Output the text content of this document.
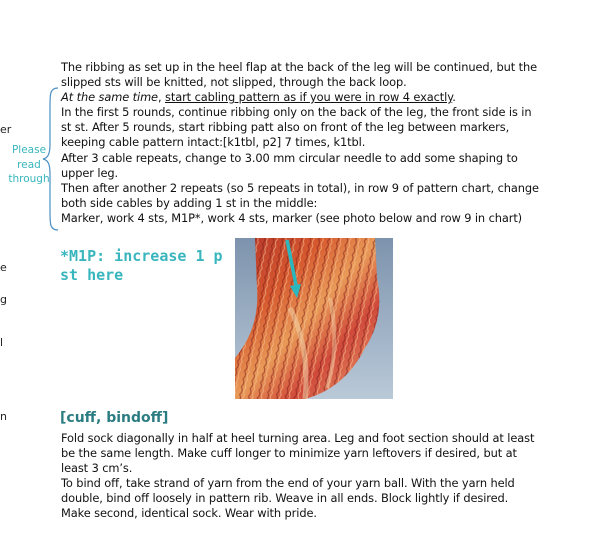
er
e
g
l
n
Please
read
through
The ribbing as set up in the heel flap at the back of the leg will be continued, but the
slipped sts will be knitted, not slipped, through the back loop.
At the same time, start cabling pattern as if you were in row 4 exactly.
In the first 5 rounds, continue ribbing only on the back of the leg, the front side is in
st st. After 5 rounds, start ribbing patt also on front of the leg between markers,
keeping cable pattern intact:[k1tbl, p2] 7 times, k1tbl.
After 3 cable repeats, change to 3.00 mm circular needle to add some shaping to
upper leg.
Then after another 2 repeats (so 5 repeats in total), in row 9 of pattern chart, change
both side cables by adding 1 st in the middle:
Marker, work 4 sts, M1P*, work 4 sts, marker (see photo below and row 9 in chart)
*M1P: increase 1 p
st here
[cuff, bindoff]
Fold sock diagonally in half at heel turning area. Leg and foot section should at least
be the same length. Make cuff longer to minimize yarn leftovers if desired, but at
least 3 cm’s.
To bind off, take strand of yarn from the end of your yarn ball. With the yarn held
double, bind off loosely in pattern rib. Weave in all ends. Block lightly if desired.
Make second, identical sock. Wear with pride.
